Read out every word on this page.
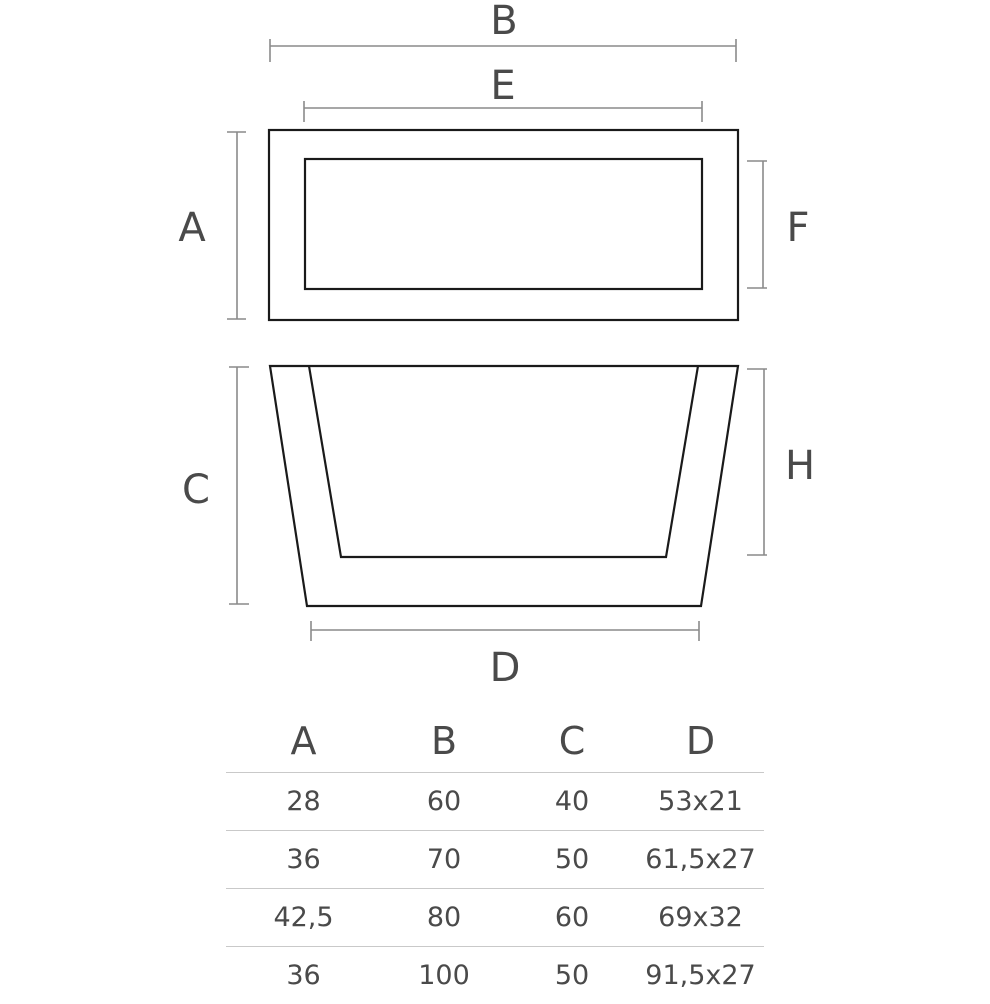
B
E
A	F
C
H
D
A	B	C	D
28	60	40	53x21
36	70	50	61,5x27
42,5	80	60	69x32
36	100	50	91,5x27
